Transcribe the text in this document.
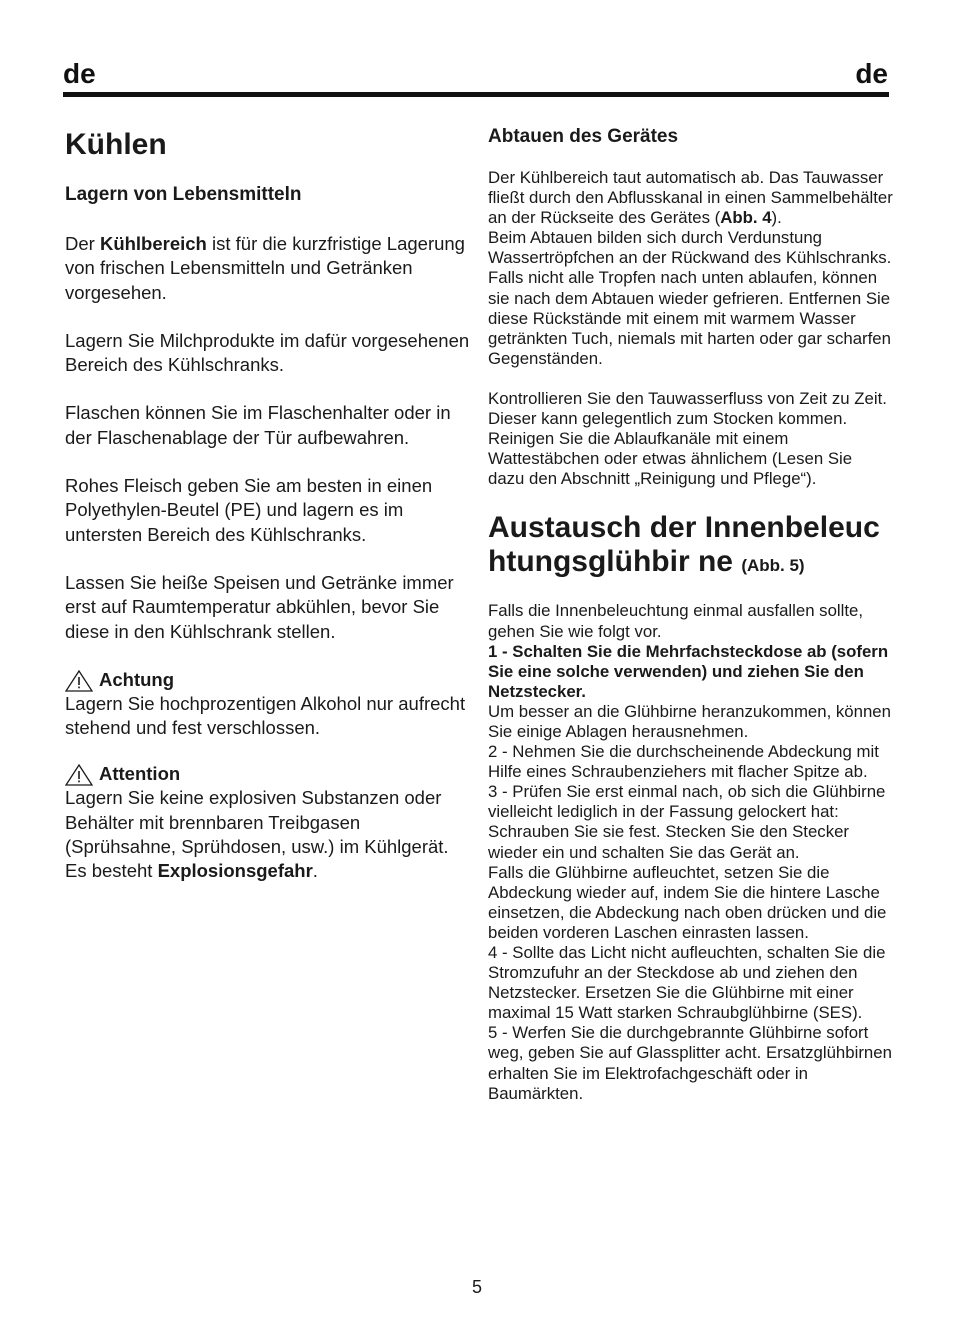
de	de
Kühlen
Lagern von Lebensmitteln

Der Kühlbereich ist für die kurzfristige Lagerung von frischen Lebensmitteln und Getränken vorgesehen.

Lagern Sie Milchprodukte im dafür vorgesehenen Bereich des Kühlschranks.

Flaschen können Sie im Flaschenhalter oder in der Flaschenablage der Tür aufbewahren.

Rohes Fleisch geben Sie am besten in einen Polyethylen-Beutel (PE) und lagern es im untersten Bereich des Kühlschranks.

Lassen Sie heiße Speisen und Getränke immer erst auf Raumtemperatur abkühlen, bevor Sie diese in den Kühlschrank stellen.

Achtung

Lagern Sie hochprozentigen Alkohol nur aufrecht stehend und fest verschlossen.

Attention

Lagern Sie keine explosiven Substanzen oder Behälter mit brennbaren Treibgasen (Sprühsahne, Sprühdosen, usw.) im Kühlgerät. Es besteht Explosionsgefahr.

Abtauen des Gerätes
Der Kühlbereich taut automatisch ab. Das Tauwasser fließt durch den Abflusskanal in einen Sammelbehälter an der Rückseite des Gerätes (Abb. 4).
Beim Abtauen bilden sich durch Verdunstung Wassertröpfchen an der Rückwand des Kühlschranks.
Falls nicht alle Tropfen nach unten ablaufen, können sie nach dem Abtauen wieder gefrieren. Entfernen Sie diese Rückstände mit einem mit warmem Wasser getränkten Tuch, niemals mit harten oder gar scharfen Gegenständen.

Kontrollieren Sie den Tauwasserfluss von Zeit zu Zeit. Dieser kann gelegentlich zum Stocken kommen. Reinigen Sie die Ablaufkanäle mit einem Wattestäbchen oder etwas ähnlichem (Lesen Sie dazu den Abschnitt „Reinigung und Pflege“).

Austausch der Innenbeleuchtungsglühbir ne (Abb. 5)
Falls die Innenbeleuchtung einmal ausfallen sollte, gehen Sie wie folgt vor.
1 - Schalten Sie die Mehrfachsteckdose ab (sofern Sie eine solche verwenden) und ziehen Sie den Netzstecker.
Um besser an die Glühbirne heranzukommen, können Sie einige Ablagen herausnehmen.
2 - Nehmen Sie die durchscheinende Abdeckung mit Hilfe eines Schraubenziehers mit flacher Spitze ab.
3 - Prüfen Sie erst einmal nach, ob sich die Glühbirne vielleicht lediglich in der Fassung gelockert hat: Schrauben Sie sie fest. Stecken Sie den Stecker wieder ein und schalten Sie das Gerät an.
Falls die Glühbirne aufleuchtet, setzen Sie die Abdeckung wieder auf, indem Sie die hintere Lasche einsetzen, die Abdeckung nach oben drücken und die beiden vorderen Laschen einrasten lassen.
4 - Sollte das Licht nicht aufleuchten, schalten Sie die Stromzufuhr an der Steckdose ab und ziehen den Netzstecker. Ersetzen Sie die Glühbirne mit einer maximal 15 Watt starken Schraubglühbirne (SES).
5 - Werfen Sie die durchgebrannte Glühbirne sofort weg, geben Sie auf Glassplitter acht. Ersatzglühbirnen erhalten Sie im Elektrofachgeschäft oder in Baumärkten.
5
